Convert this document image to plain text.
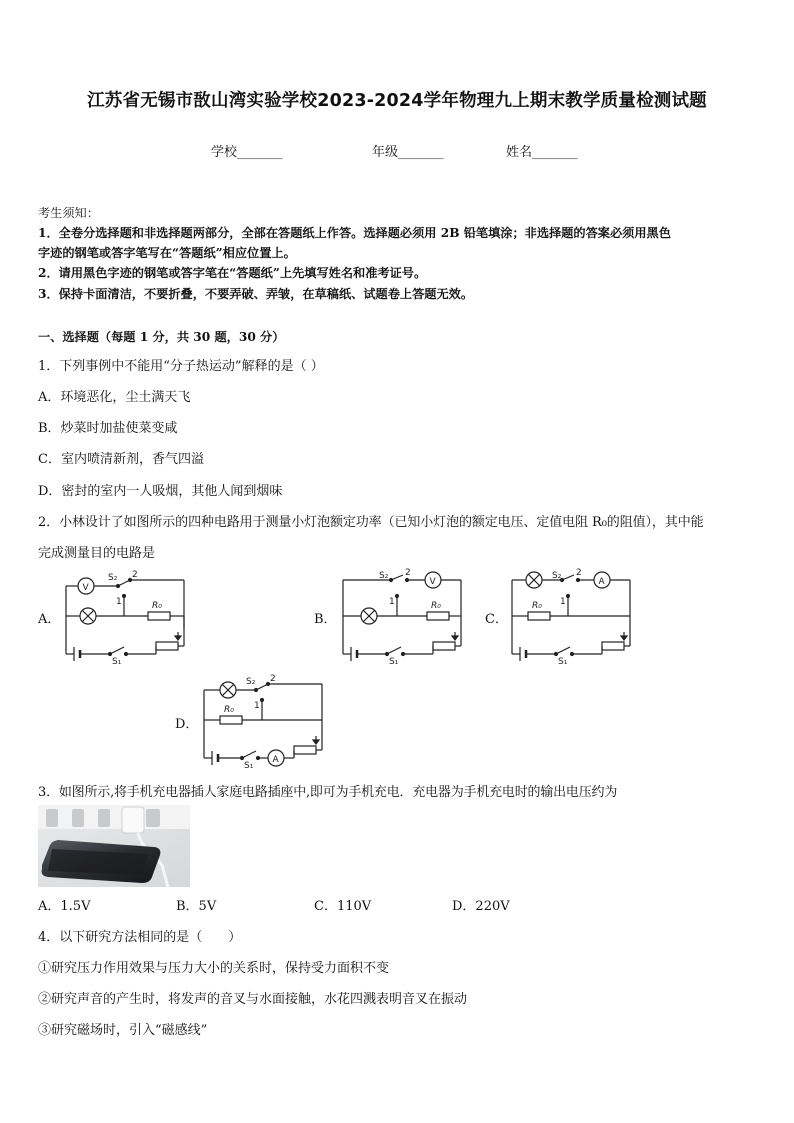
江苏省无锡市敔山湾实验学校2023-2024学年物理九上期末教学质量检测试题
学校_______	年级_______	姓名_______
考生须知：
1．全卷分选择题和非选择题两部分，全部在答题纸上作答。选择题必须用 2B 铅笔填涂；非选择题的答案必须用黑色
字迹的钢笔或答字笔写在“答题纸”相应位置上。
2．请用黑色字迹的钢笔或答字笔在“答题纸”上先填写姓名和准考证号。
3．保持卡面清洁，不要折叠，不要弄破、弄皱，在草稿纸、试题卷上答题无效。
一、选择题（每题 1 分，共 30 题，30 分）
1．下列事例中不能用“分子热运动”解释的是（ ）
A．环境恶化，尘土满天飞
B．炒菜时加盐使菜变咸
C．室内喷清新剂，香气四溢
D．密封的室内一人吸烟，其他人闻到烟味
2．小林设计了如图所示的四种电路用于测量小灯泡额定功率（已知小灯泡的额定电压、定值电阻 R₀的阻值），其中能
完成测量目的电路是
A．	B．	C．
D．
V
S₂ 2
1	R₀
S₁
V
S₂ 2
1	R₀
S₁
A
S₂ 2
1
R₀
S₁
S₂ 2
1
R₀
A
S₁
3．如图所示,将手机充电器插人家庭电路插座中,即可为手机充电．充电器为手机充电时的输出电压约为
A．1.5V	B．5V	C．110V	D．220V
4．以下研究方法相同的是（　　）
①研究压力作用效果与压力大小的关系时，保持受力面积不变
②研究声音的产生时，将发声的音叉与水面接触，水花四溅表明音叉在振动
③研究磁场时，引入“磁感线”
